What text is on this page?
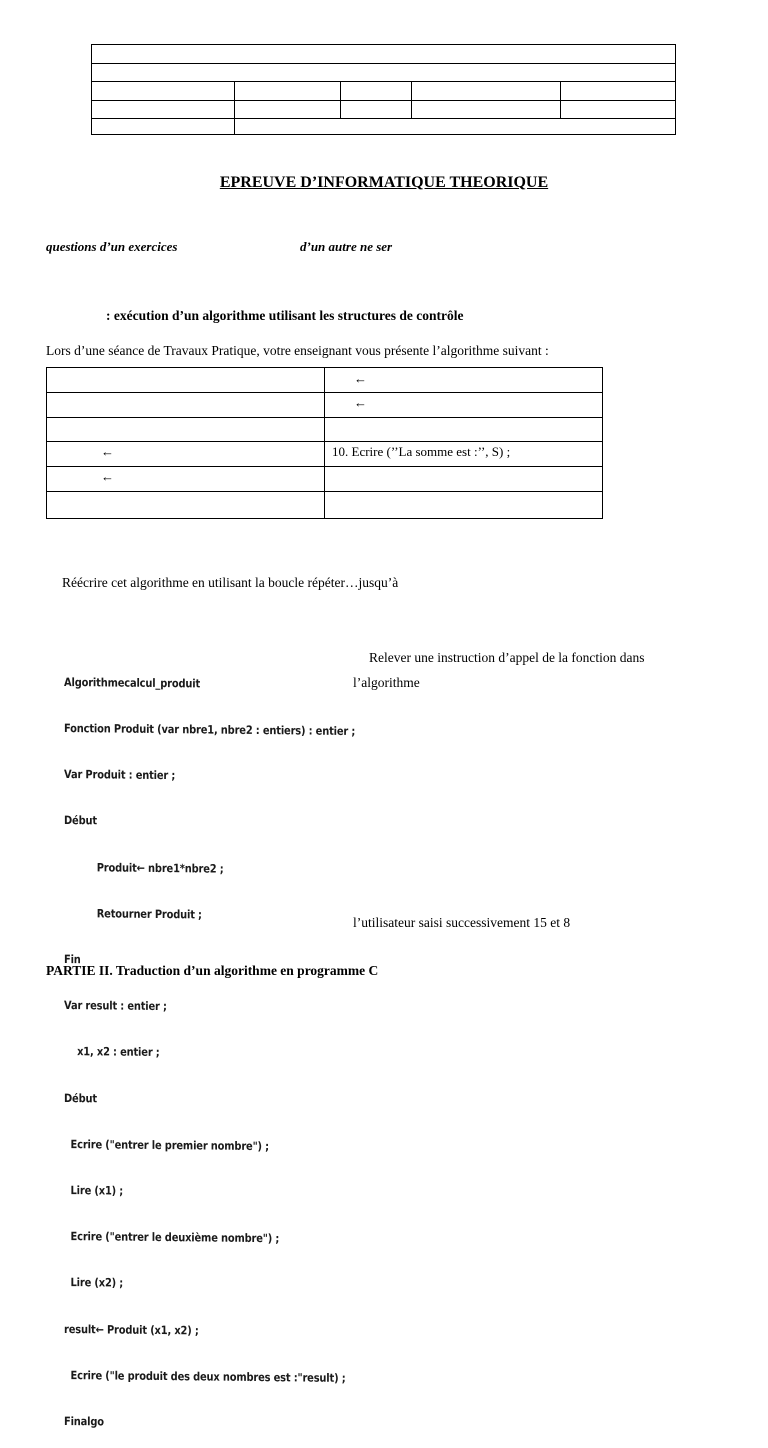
EPREUVE D’INFORMATIQUE THEORIQUE
questions d’un exercices	d’un autre ne ser
: exécution d’un algorithme utilisant les structures de contrôle
Lors d’une séance de Travaux Pratique, votre enseignant vous présente l’algorithme suivant :
←
←
←	10. Ecrire (’’La somme est :’’, S) ;
←
Réécrire cet algorithme en utilisant la boucle répéter…jusqu’à

Algorithmecalcul_produit

Fonction Produit (var nbre1, nbre2 : entiers) : entier ;

Var Produit : entier ;

Début

Produit← nbre1*nbre2 ;

Retourner Produit ;

Fin

Var result : entier ;

x1, x2 : entier ;

Début

Ecrire ("entrer le premier nombre") ;

Lire (x1) ;

Ecrire ("entrer le deuxième nombre") ;

Lire (x2) ;

result← Produit (x1, x2) ;

Ecrire ("le produit des deux nombres est :"result) ;

Finalgo

Relever une instruction d’appel de la fonction dans
l’algorithme
l’utilisateur saisi successivement 15 et 8
PARTIE II. Traduction d’un algorithme en programme C
